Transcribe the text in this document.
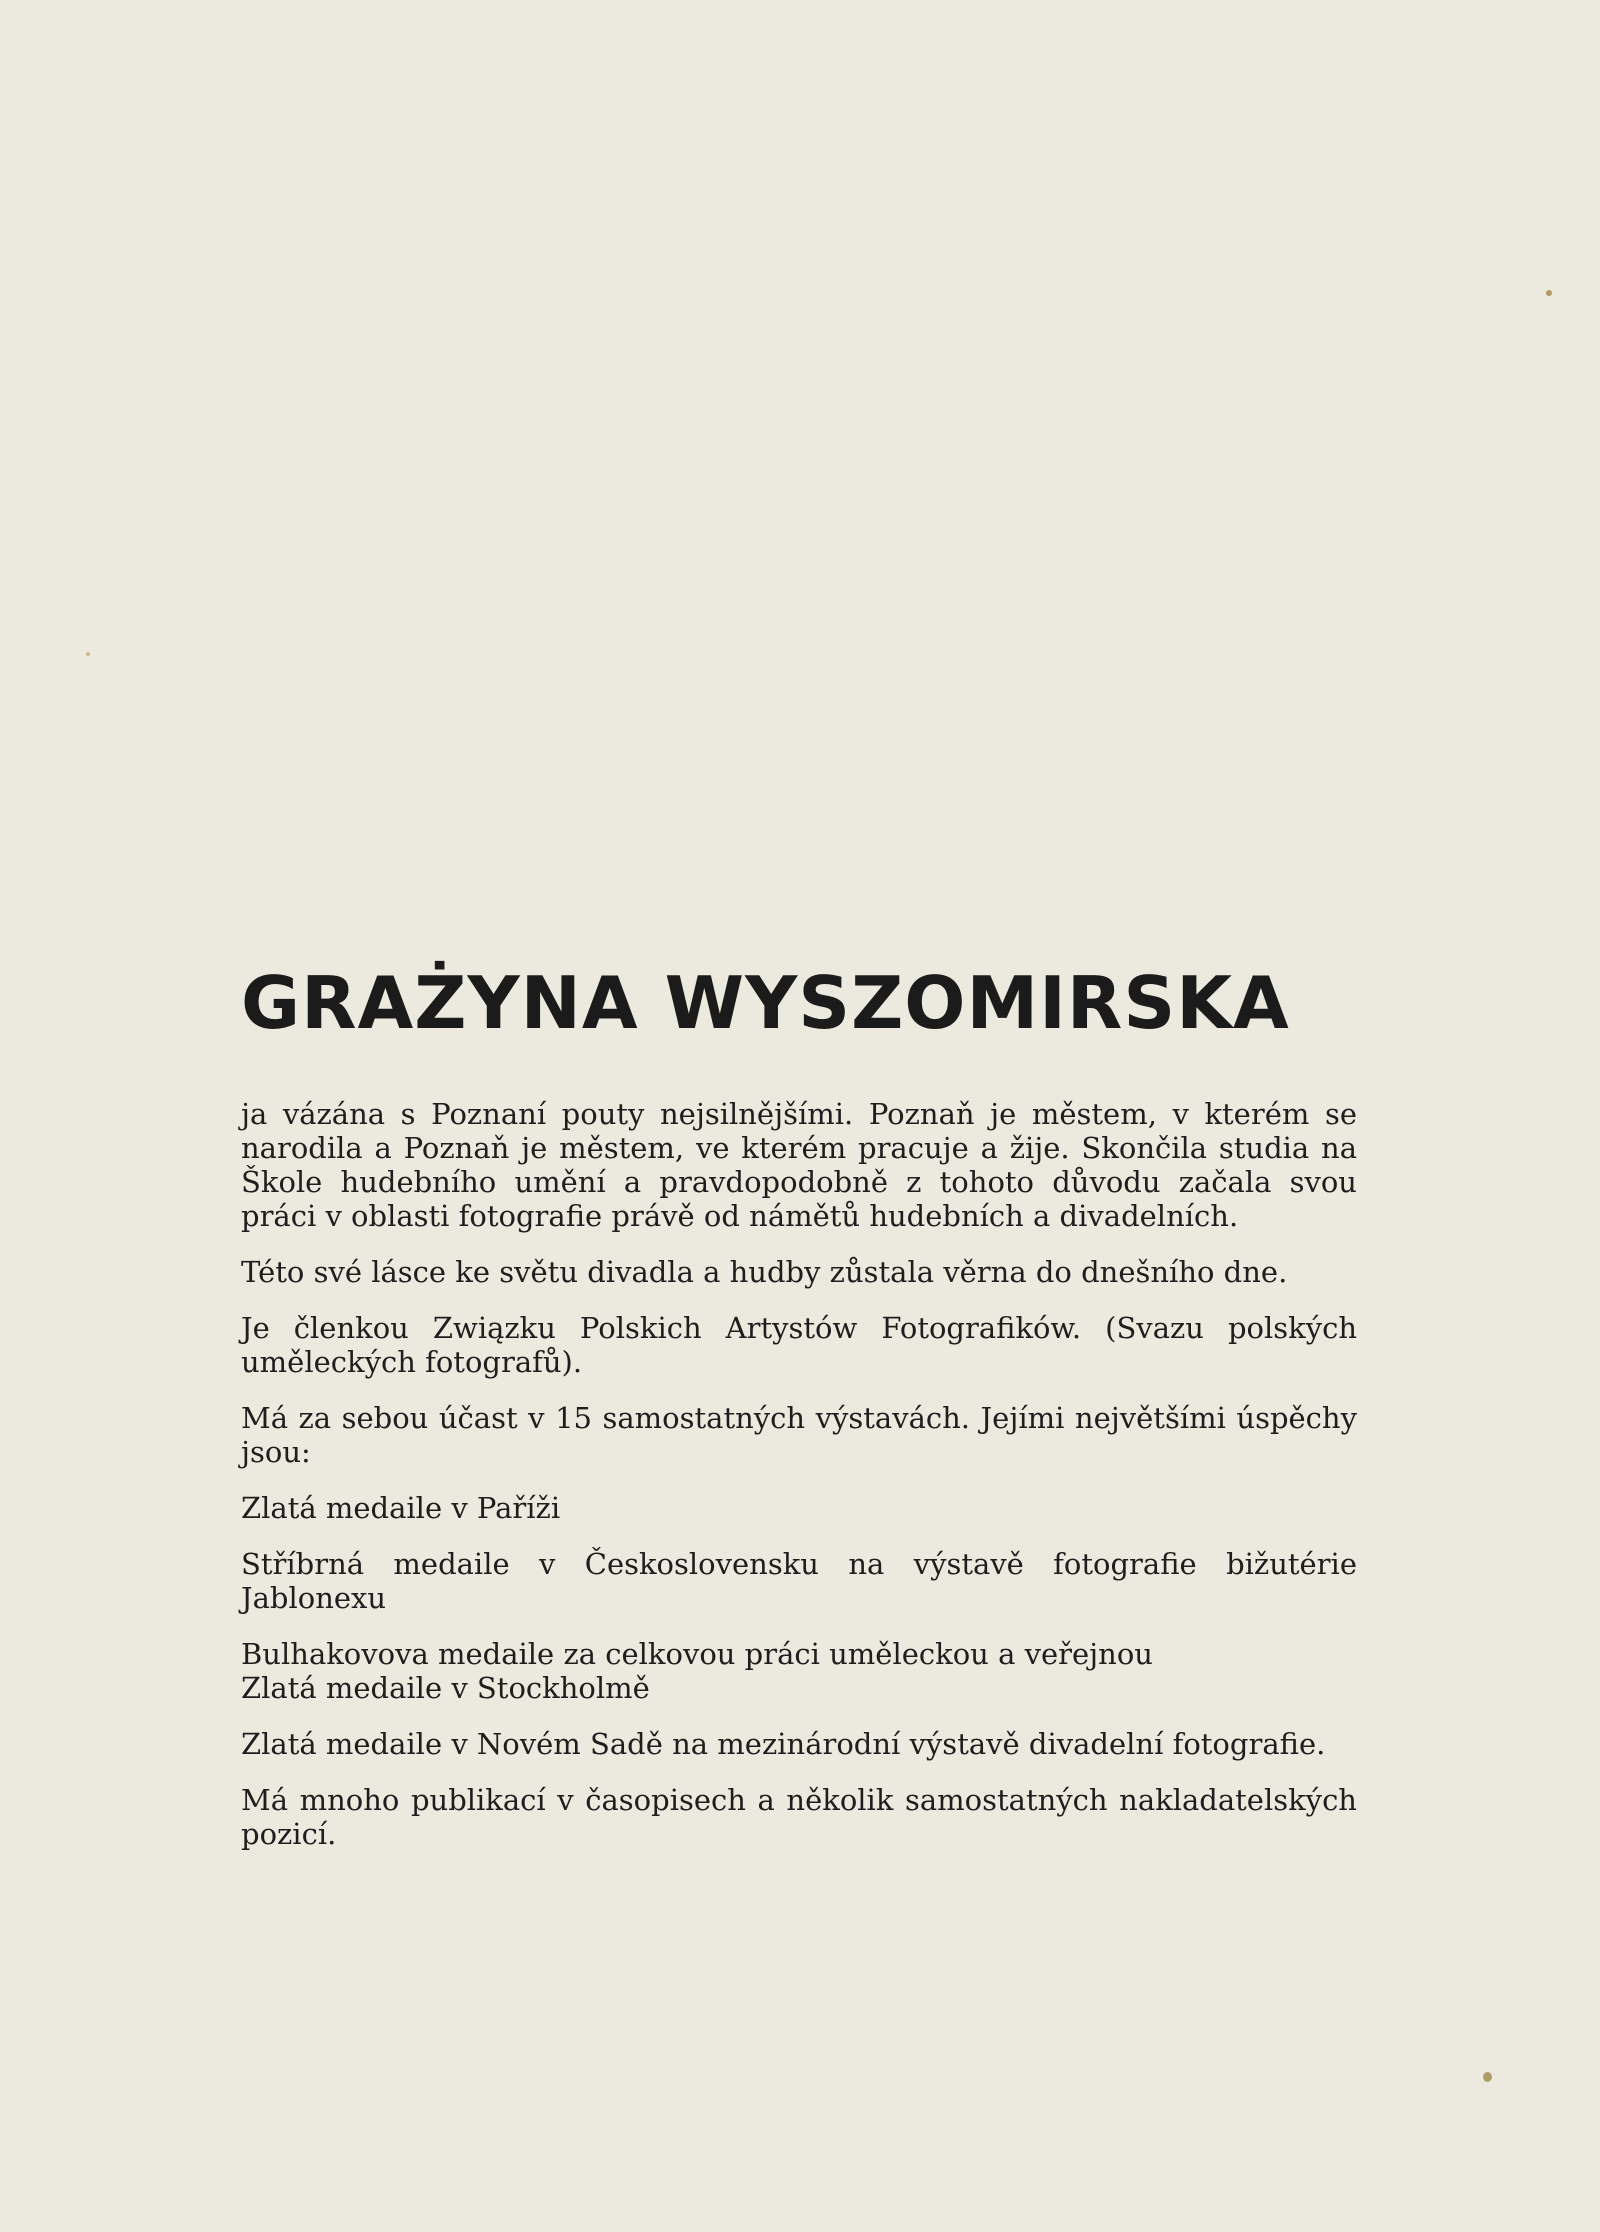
GRAŻYNA WYSZOMIRSKA

ja vázána s Poznaní pouty nejsilnějšími. Poznaň je městem, v kterém se narodila a Poznaň je městem, ve kterém pracuje a žije. Skončila studia na Škole hudebního umění a pravdopodobně z tohoto důvodu začala svou práci v oblasti fotografie právě od námětů hudebních a divadelních.

Této své lásce ke světu divadla a hudby zůstala věrna do dnešního dne.

Je členkou Związku Polskich Artystów Fotografików. (Svazu polských uměleckých fotografů).

Má za sebou účast v 15 samostatných výstavách. Jejími největšími úspěchy jsou:

Zlatá medaile v Paříži

Stříbrná medaile v Československu na výstavě fotografie bižutérie Jablonexu

Bulhakovova medaile za celkovou práci uměleckou a veřejnou
Zlatá medaile v Stockholmě

Zlatá medaile v Novém Sadě na mezinárodní výstavě divadelní fotografie.

Má mnoho publikací v časopisech a několik samostatných nakladatelských pozicí.
